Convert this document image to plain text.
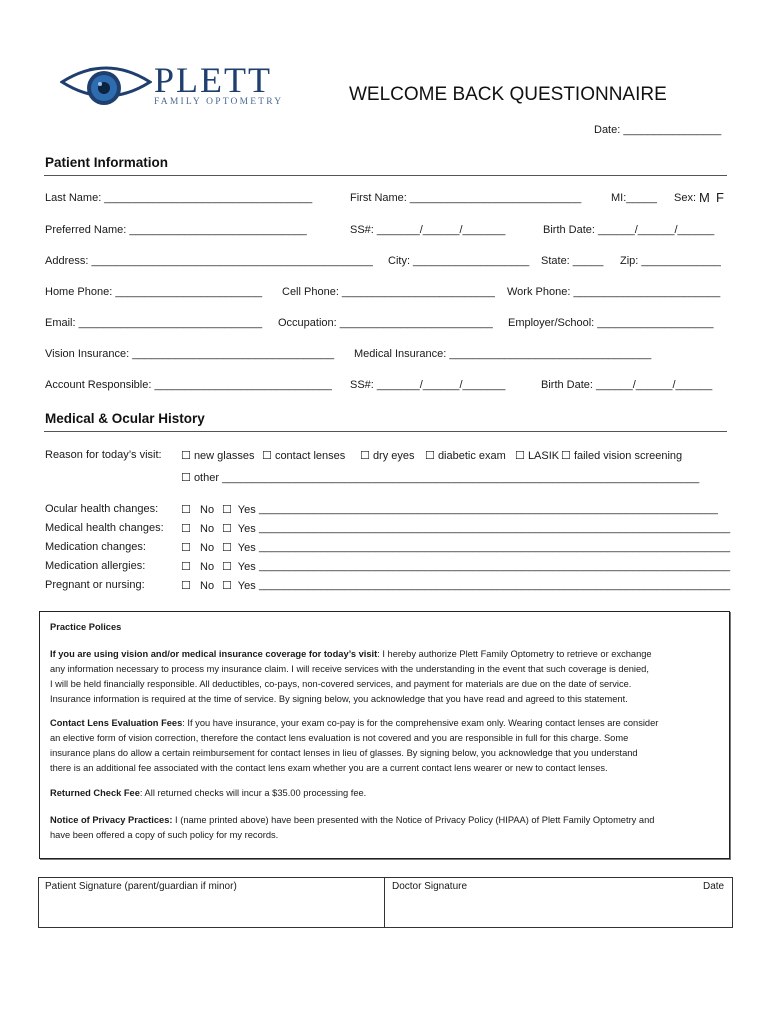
PLETT
FAMILY OPTOMETRY	WELCOME BACK QUESTIONNAIRE
Date: ________________
Patient Information
Last Name: __________________________________	First Name: ____________________________	MI:_____ Sex: M F
Preferred Name: _____________________________	SS#: _______/______/_______	Birth Date: ______/______/______
Address: ______________________________________________ City: ___________________ State: _____ Zip: _____________
Home Phone: ________________________ Cell Phone: _________________________ Work Phone: ________________________
Email: ______________________________ Occupation: _________________________ Employer/School: ___________________
Vision Insurance: _________________________________ Medical Insurance: _________________________________
Account Responsible: _____________________________ SS#: _______/______/_______	Birth Date: ______/______/______
Medical & Ocular History
Reason for today’s visit: ☐ new glasses ☐ contact lenses ☐ dry eyes ☐ diabetic exam ☐ LASIK ☐ failed vision screening
☐ other ______________________________________________________________________________
Ocular health changes: ☐ No ☐ Yes ___________________________________________________________________________
Medical health changes: ☐ No ☐ Yes _____________________________________________________________________________
Medication changes:	☐ No ☐ Yes _____________________________________________________________________________
Medication allergies:	☐ No ☐ Yes _____________________________________________________________________________
Pregnant or nursing:	☐ No ☐ Yes _____________________________________________________________________________

Practice Polices

If you are using vision and/or medical insurance coverage for today’s visit: I hereby authorize Plett Family Optometry to retrieve or exchange

any information necessary to process my insurance claim. I will receive services with the understanding in the event that such coverage is denied,

I will be held financially responsible. All deductibles, co-pays, non-covered services, and payment for materials are due on the date of service.

Insurance information is required at the time of service. By signing below, you acknowledge that you have read and agreed to this statement.

Contact Lens Evaluation Fees: If you have insurance, your exam co-pay is for the comprehensive exam only. Wearing contact lenses are consider

an elective form of vision correction, therefore the contact lens evaluation is not covered and you are responsible in full for this charge. Some

insurance plans do allow a certain reimbursement for contact lenses in lieu of glasses. By signing below, you acknowledge that you understand

there is an additional fee associated with the contact lens exam whether you are a current contact lens wearer or new to contact lenses.

Returned Check Fee: All returned checks will incur a $35.00 processing fee.

Notice of Privacy Practices: I (name printed above) have been presented with the Notice of Privacy Policy (HIPAA) of Plett Family Optometry and

have been offered a copy of such policy for my records.

Patient Signature (parent/guardian if minor)	Doctor Signature	Date
